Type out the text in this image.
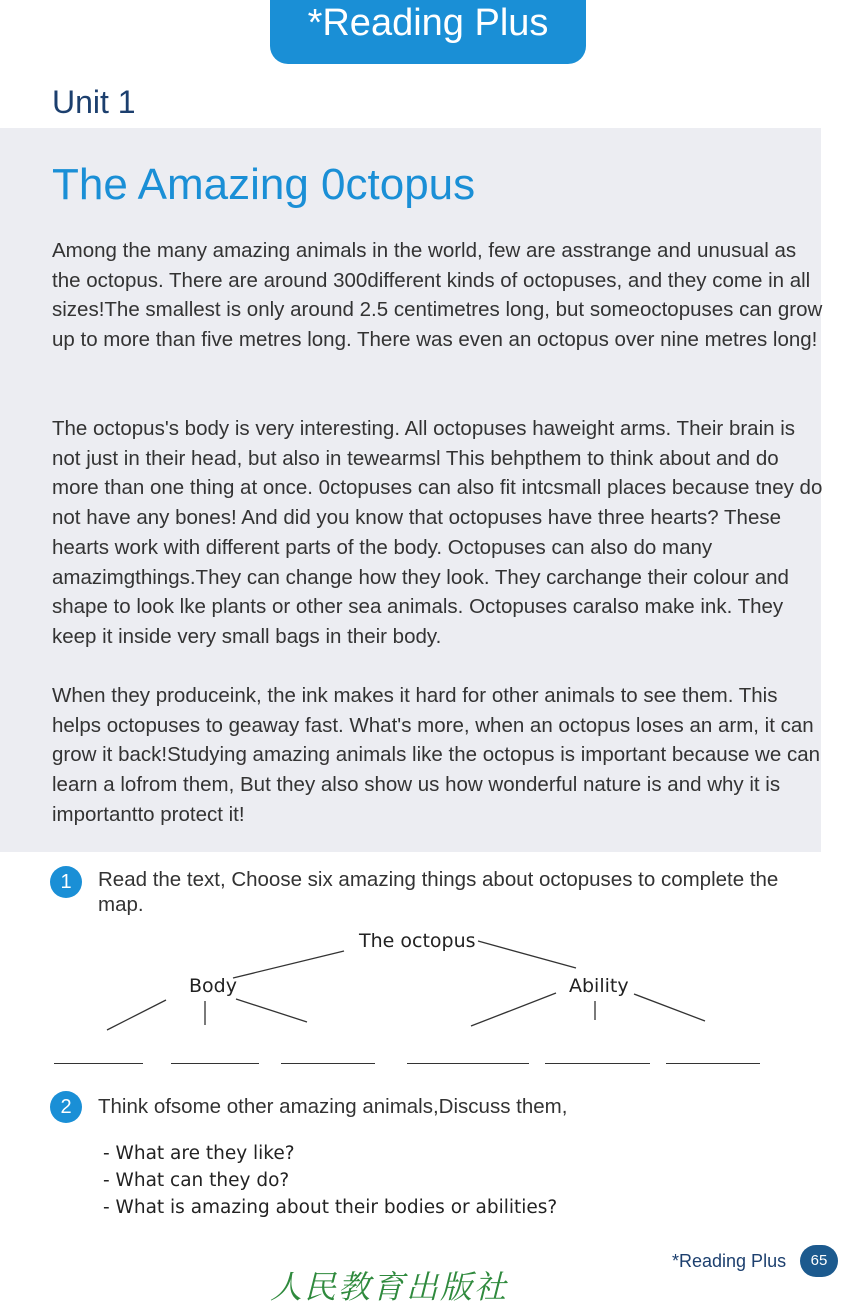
*Reading Plus
Unit 1
The Amazing 0ctopus

Among the many amazing animals in the world, few are asstrange and unusual as the octopus. There are around 300different kinds of octopuses, and they come in all sizes!The smallest is only around 2.5 centimetres long, but someoctopuses can grow up to more than five metres long. There was even an octopus over nine metres long!

The octopus's body is very interesting. All octopuses haweight arms. Their brain is not just in their head, but also in tewearmsl This behpthem to think about and do more than one thing at once. 0ctopuses can also fit intcsmall places because tney do not have any bones! And did you know that octopuses have three hearts? These hearts work with different parts of the body. Octopuses can also do many amazimgthings.They can change how they look. They carchange their colour and shape to look lke plants or other sea animals. Octopuses caralso make ink. They keep it inside very small bags in their body.

When they produceink, the ink makes it hard for other animals to see them. This helps octopuses to geaway fast. What's more, when an octopus loses an arm, it can grow it back!Studying amazing animals like the octopus is important because we can learn a lofrom them, But they also show us how wonderful nature is and why it is importantto protect it!

1	Read the text, Choose six amazing things about octopuses to complete the map.
The octopus
Body	Ability
2	Think ofsome other amazing animals,Discuss them,
- What are they like?
- What can they do?
- What is amazing about their bodies or abilities?
*Reading Plus	65
人民教育出版社
